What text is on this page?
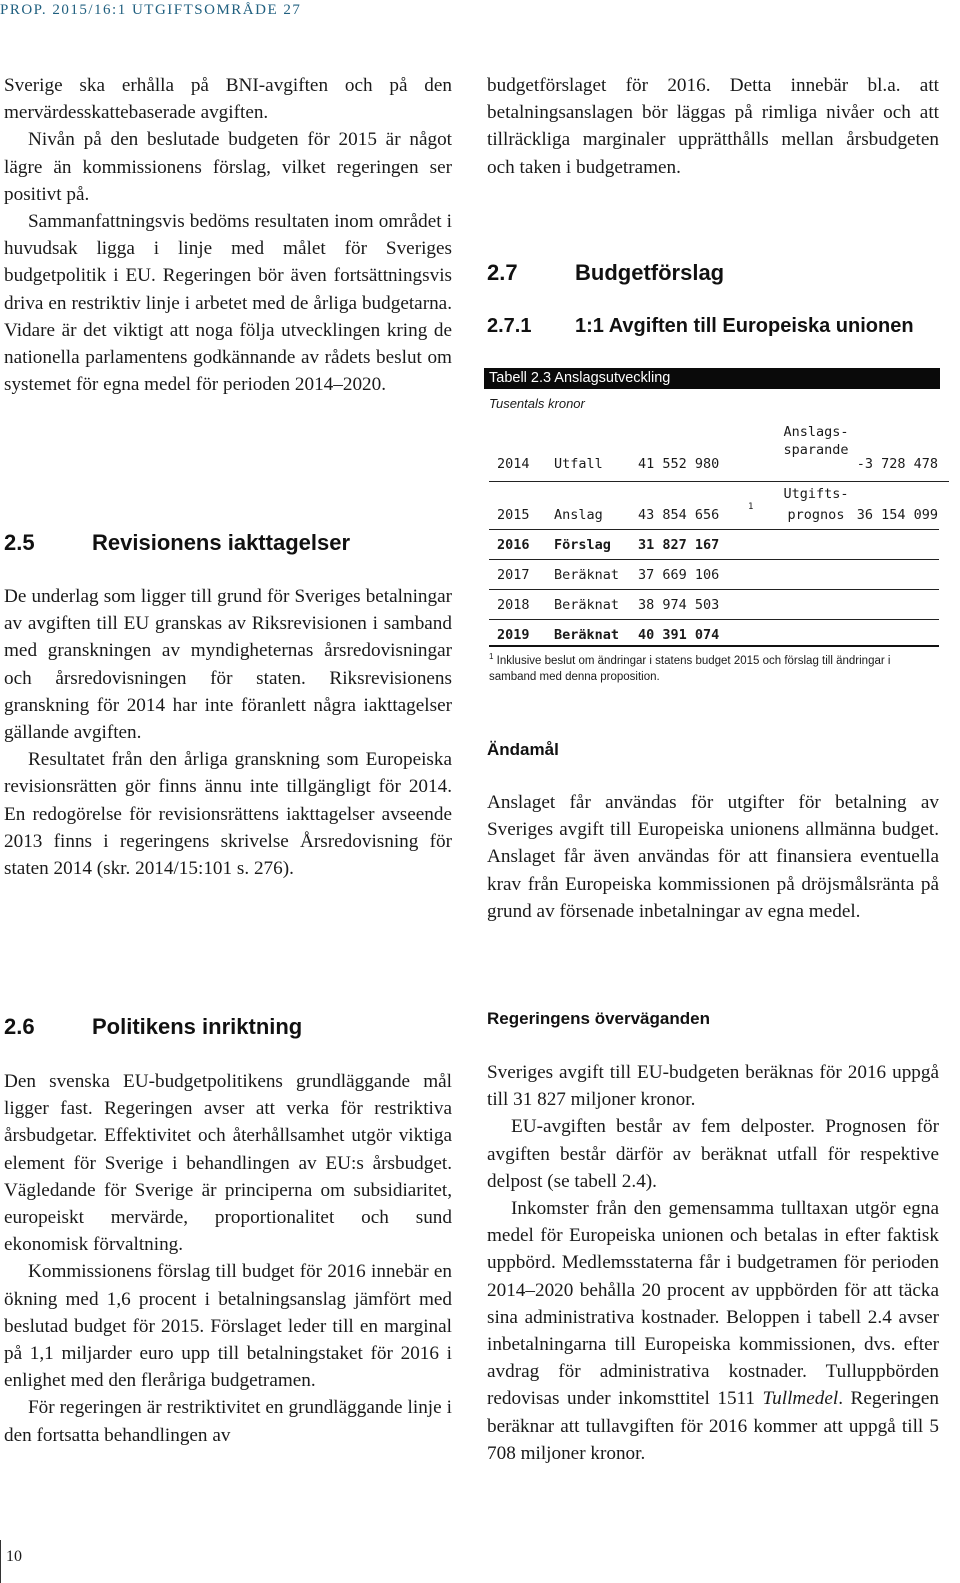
PROP. 2015/16:1 UTGIFTSOMRÅDE 27

Sverige ska erhålla på BNI-avgiften och på den mervärdesskattebaserade avgiften.

Nivån på den beslutade budgeten för 2015 är något lägre än kommissionens förslag, vilket regeringen ser positivt på.

Sammanfattningsvis bedöms resultaten inom området i huvudsak ligga i linje med målet för Sveriges budgetpolitik i EU. Regeringen bör även fortsättningsvis driva en restriktiv linje i arbetet med de årliga budgetarna. Vidare är det viktigt att noga följa utvecklingen kring de nationella parlamentens godkännande av rådets beslut om systemet för egna medel för perioden 2014–2020.

2.5	Revisionens iakttagelser

De underlag som ligger till grund för Sveriges betalningar av avgiften till EU granskas av Riksrevisionen i samband med granskningen av myndigheternas årsredovisningar och årsredovisningen för staten. Riksrevisionens granskning för 2014 har inte föranlett några iakttagelser gällande avgiften.

Resultatet från den årliga granskning som Europeiska revisionsrätten gör finns ännu inte tillgängligt för 2014. En redogörelse för revisionsrättens iakttagelser avseende 2013 finns i regeringens skrivelse Årsredovisning för staten 2014 (skr. 2014/15:101 s. 276).

2.6	Politikens inriktning

Den svenska EU-budgetpolitikens grundläggande mål ligger fast. Regeringen avser att verka för restriktiva årsbudgetar. Effektivitet och återhållsamhet utgör viktiga element för Sverige i behandlingen av EU:s årsbudget. Vägledande för Sverige är principerna om subsidiaritet, europeiskt mervärde, proportionalitet och sund ekonomisk förvaltning.

Kommissionens förslag till budget för 2016 innebär en ökning med 1,6 procent i betalningsanslag jämfört med beslutad budget för 2015. Förslaget leder till en marginal på 1,1 miljarder euro upp till betalningstaket för 2016 i enlighet med den fleråriga budgetramen.

För regeringen är restriktivitet en grundläggande linje i den fortsatta behandlingen av

budgetförslaget för 2016. Detta innebär bl.a. att betalningsanslagen bör läggas på rimliga nivåer och att tillräckliga marginaler upprätthålls mellan årsbudgeten och taken i budgetramen.

2.7	Budgetförslag
2.7.1 1:1 Avgiften till Europeiska unionen
Tabell 2.3 Anslagsutveckling
Tusentals kronor
Anslags-
sparande
2014 Utfall	41 552 980	-3 728 478
Utgifts-
prognos
2015 Anslag	43 854 656	1	36 154 099
2016 Förslag 31 827 167
2017 Beräknat 37 669 106
2018 Beräknat 38 974 503
2019 Beräknat 40 391 074
$^1$ Inklusive beslut om ändringar i statens budget 2015 och förslag till ändringar i samband med denna proposition.
Ändamål

Anslaget får användas för utgifter för betalning av Sveriges avgift till Europeiska unionens allmänna budget. Anslaget får även användas för att finansiera eventuella krav från Europeiska kommissionen på dröjsmålsränta på grund av försenade inbetalningar av egna medel.

Regeringens överväganden

Sveriges avgift till EU-budgeten beräknas för 2016 uppgå till 31 827 miljoner kronor.

EU-avgiften består av fem delposter. Prognosen för avgiften består därför av beräknat utfall för respektive delpost (se tabell 2.4).

Inkomster från den gemensamma tulltaxan utgör egna medel för Europeiska unionen och betalas in efter faktisk uppbörd. Medlemsstaterna får i budgetramen för perioden 2014–2020 behålla 20 procent av uppbörden för att täcka sina administrativa kostnader. Beloppen i tabell 2.4 avser inbetalningarna till Europeiska kommissionen, dvs. efter avdrag för administrativa kostnader. Tulluppbörden redovisas under inkomsttitel 1511 Tullmedel. Regeringen beräknar att tullavgiften för 2016 kommer att uppgå till 5 708 miljoner kronor.

10
